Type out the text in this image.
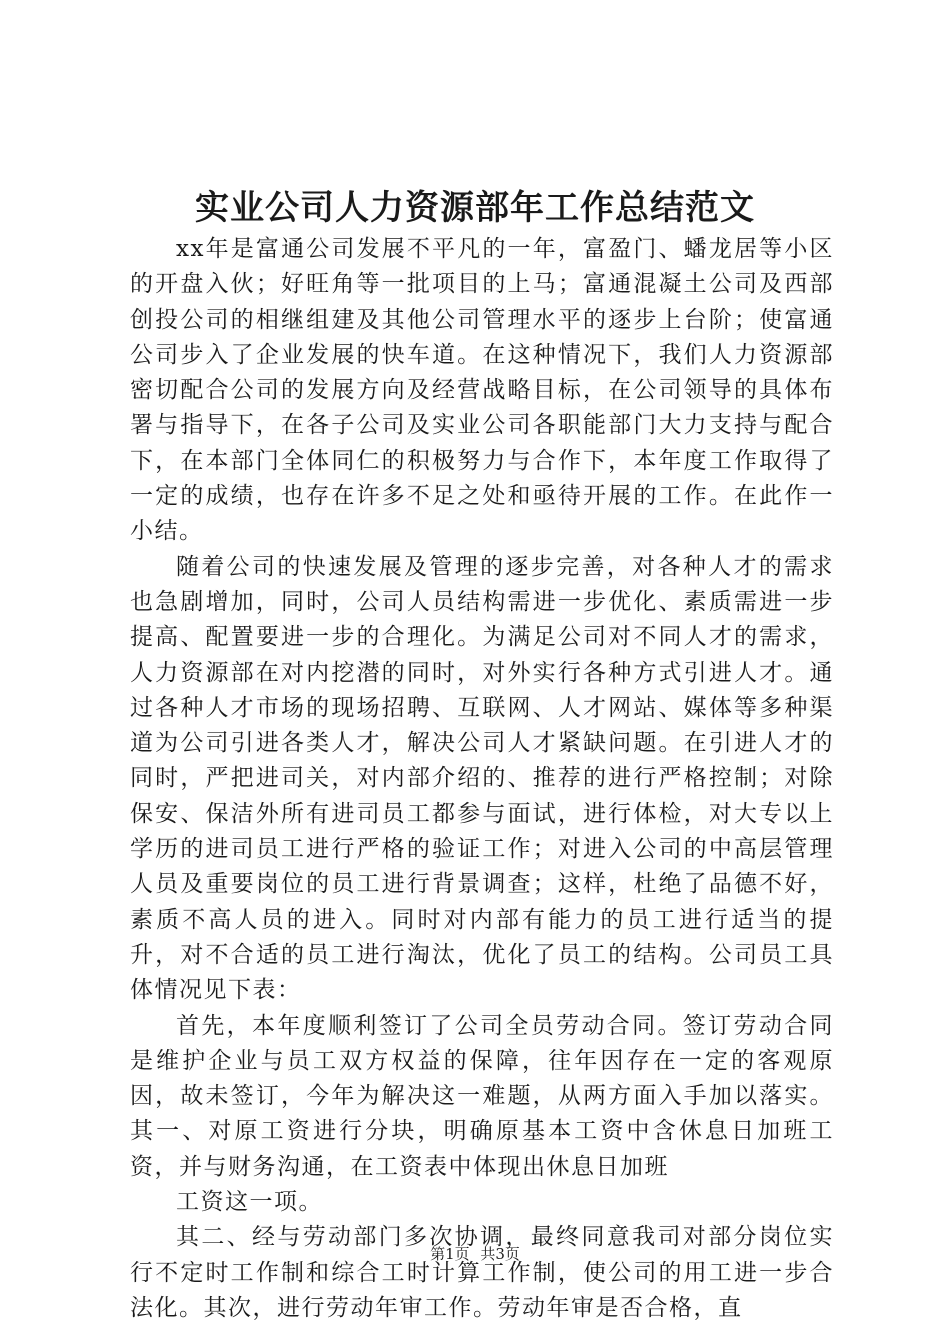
实业公司人力资源部年工作总结范文

xx年是富通公司发展不平凡的一年，富盈门、蟠龙居等小区的开盘入伙；好旺角等一批项目的上马；富通混凝土公司及西部创投公司的相继组建及其他公司管理水平的逐步上台阶；使富通公司步入了企业发展的快车道。在这种情况下，我们人力资源部密切配合公司的发展方向及经营战略目标，在公司领导的具体布署与指导下，在各子公司及实业公司各职能部门大力支持与配合下，在本部门全体同仁的积极努力与合作下，本年度工作取得了一定的成绩，也存在许多不足之处和亟待开展的工作。在此作一小结。

随着公司的快速发展及管理的逐步完善，对各种人才的需求也急剧增加，同时，公司人员结构需进一步优化、素质需进一步提高、配置要进一步的合理化。为满足公司对不同人才的需求，人力资源部在对内挖潜的同时，对外实行各种方式引进人才。通过各种人才市场的现场招聘、互联网、人才网站、媒体等多种渠道为公司引进各类人才，解决公司人才紧缺问题。在引进人才的同时，严把进司关，对内部介绍的、推荐的进行严格控制；对除保安、保洁外所有进司员工都参与面试，进行体检，对大专以上学历的进司员工进行严格的验证工作；对进入公司的中高层管理人员及重要岗位的员工进行背景调查；这样，杜绝了品德不好，素质不高人员的进入。同时对内部有能力的员工进行适当的提升，对不合适的员工进行淘汰，优化了员工的结构。公司员工具体情况见下表：

首先，本年度顺利签订了公司全员劳动合同。签订劳动合同是维护企业与员工双方权益的保障，往年因存在一定的客观原因，故未签订，今年为解决这一难题，从两方面入手加以落实。其一、对原工资进行分块，明确原基本工资中含休息日加班工资，并与财务沟通，在工资表中体现出休息日加班

工资这一项。

其二、经与劳动部门多次协调，最终同意我司对部分岗位实行不定时工作制和综合工时计算工作制，使公司的用工进一步合法化。其次，进行劳动年审工作。劳动年审是否合格，直

第1页 共3页
